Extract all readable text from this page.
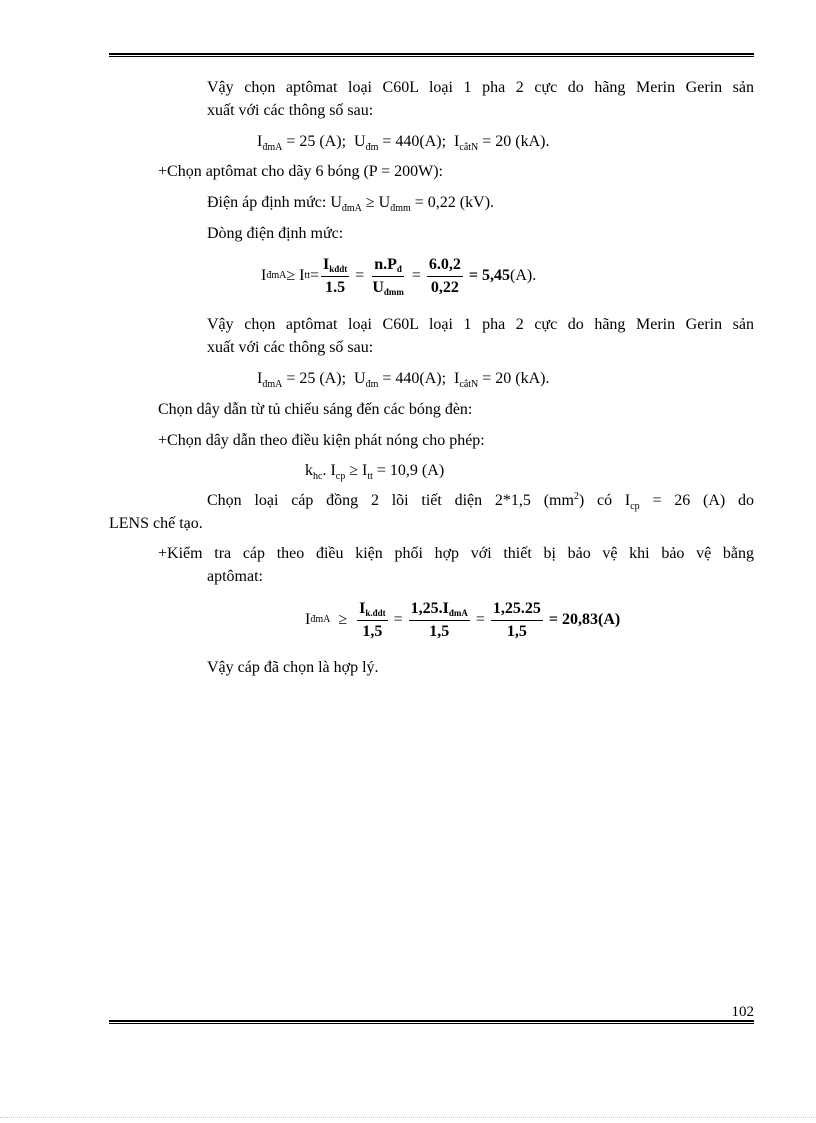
Vậy chọn aptômat loại C60L loại 1 pha 2 cực do hãng Merin Gerin sản
xuất với các thông số sau:
$I_{đmA} = 25$ (A); $U_{đm} = 440(A)$; $I_{cắtN} = 20$ (kA).
+Chọn aptômat cho dãy 6 bóng (P = 200W):
Điện áp định mức: $U_{đmA} \ge U_{đmm} = 0,22$ (kV).
Dòng điện định mức:
I đmA ≥ I tt = $\frac{I_{kđdt}}{1.5} = \frac{n.P_đ}{U_{đmm}} = \frac{6.0,2}{0,22} = 5,45$ (A).
Vậy chọn aptômat loại C60L loại 1 pha 2 cực do hãng Merin Gerin sản
xuất với các thông số sau:
$I_{đmA} = 25$ (A); $U_{đm} = 440(A)$; $I_{cắtN} = 20$ (kA).
Chọn dây dẫn từ tủ chiếu sáng đến các bóng đèn:
+Chọn dây dẫn theo điều kiện phát nóng cho phép:
$k_{hc}$. $I_{cp} \ge I_{tt} = 10,9$ (A)
Chọn loại cáp đồng 2 lõi tiết diện 2*1,5 $(mm^2)$ có $I_{cp} = 26$ (A) do
LENS chế tạo.
+Kiểm tra cáp theo điều kiện phối hợp với thiết bị bảo vệ khi bảo vệ bằng
aptômat:
I đmA ≥ $\frac{I_{k.đdt}}{1,5} = \frac{1,25.I_{đmA}}{1,5} = \frac{1,25.25}{1,5} = 20,83(A)$
Vậy cáp đã chọn là hợp lý.
102
